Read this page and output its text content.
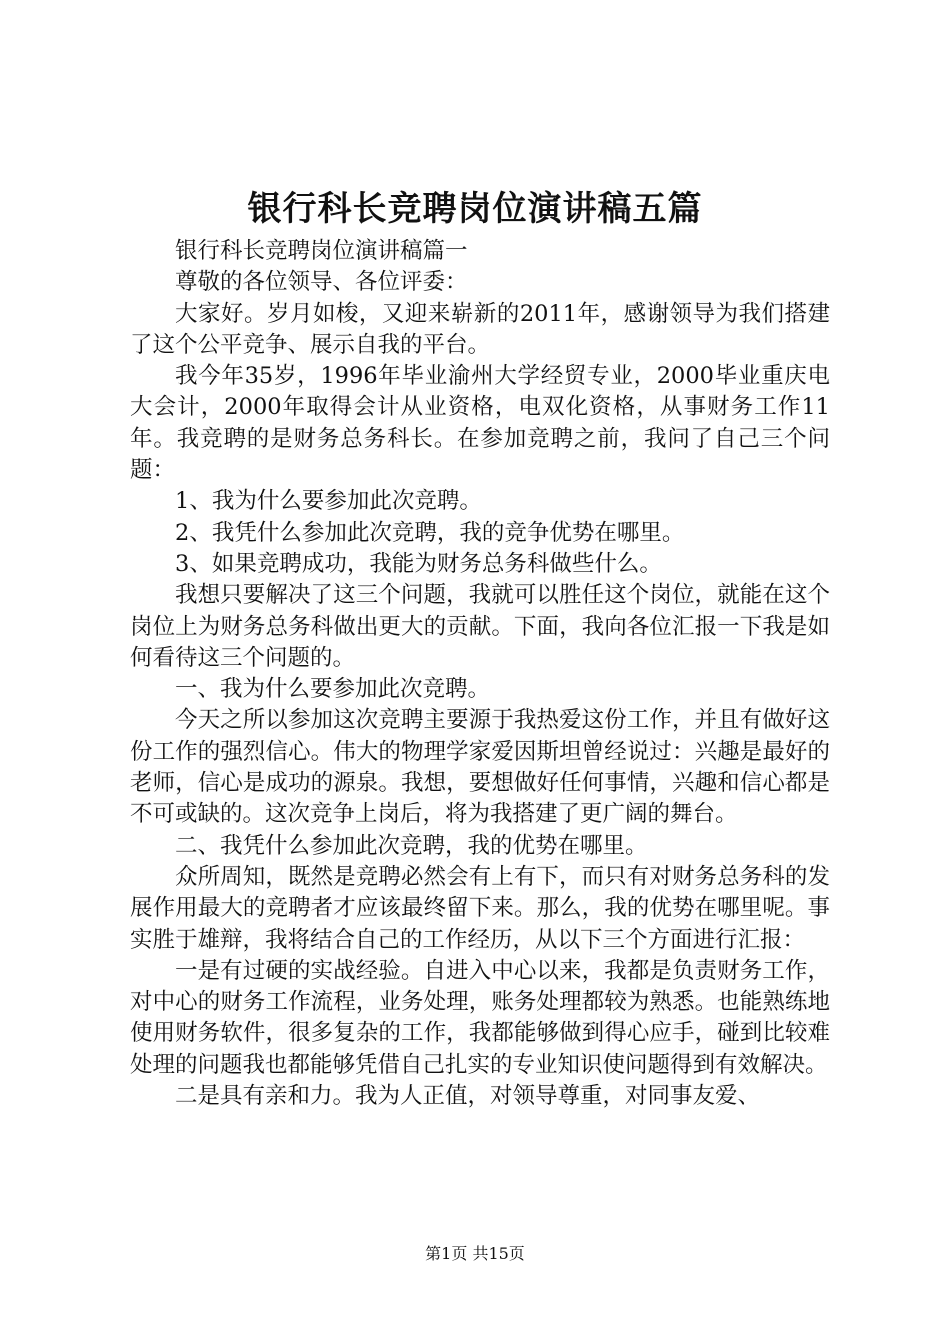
银行科长竞聘岗位演讲稿五篇

银行科长竞聘岗位演讲稿篇一

尊敬的各位领导、各位评委：

大家好。岁月如梭，又迎来崭新的2011年，感谢领导为我们搭建了这个公平竞争、展示自我的平台。

我今年35岁，1996年毕业渝州大学经贸专业，2000毕业重庆电大会计，2000年取得会计从业资格，电双化资格，从事财务工作11年。我竞聘的是财务总务科长。在参加竞聘之前，我问了自己三个问题：

1、我为什么要参加此次竞聘。

2、我凭什么参加此次竞聘，我的竞争优势在哪里。

3、如果竞聘成功，我能为财务总务科做些什么。

我想只要解决了这三个问题，我就可以胜任这个岗位，就能在这个岗位上为财务总务科做出更大的贡献。下面，我向各位汇报一下我是如何看待这三个问题的。

一、我为什么要参加此次竞聘。

今天之所以参加这次竞聘主要源于我热爱这份工作，并且有做好这份工作的强烈信心。伟大的物理学家爱因斯坦曾经说过：兴趣是最好的老师，信心是成功的源泉。我想，要想做好任何事情，兴趣和信心都是不可或缺的。这次竞争上岗后，将为我搭建了更广阔的舞台。

二、我凭什么参加此次竞聘，我的优势在哪里。

众所周知，既然是竞聘必然会有上有下，而只有对财务总务科的发展作用最大的竞聘者才应该最终留下来。那么，我的优势在哪里呢。事实胜于雄辩，我将结合自己的工作经历，从以下三个方面进行汇报：

一是有过硬的实战经验。自进入中心以来，我都是负责财务工作，对中心的财务工作流程，业务处理，账务处理都较为熟悉。也能熟练地使用财务软件，很多复杂的工作，我都能够做到得心应手，碰到比较难处理的问题我也都能够凭借自己扎实的专业知识使问题得到有效解决。

二是具有亲和力。我为人正值，对领导尊重，对同事友爱、

第1页 共15页
